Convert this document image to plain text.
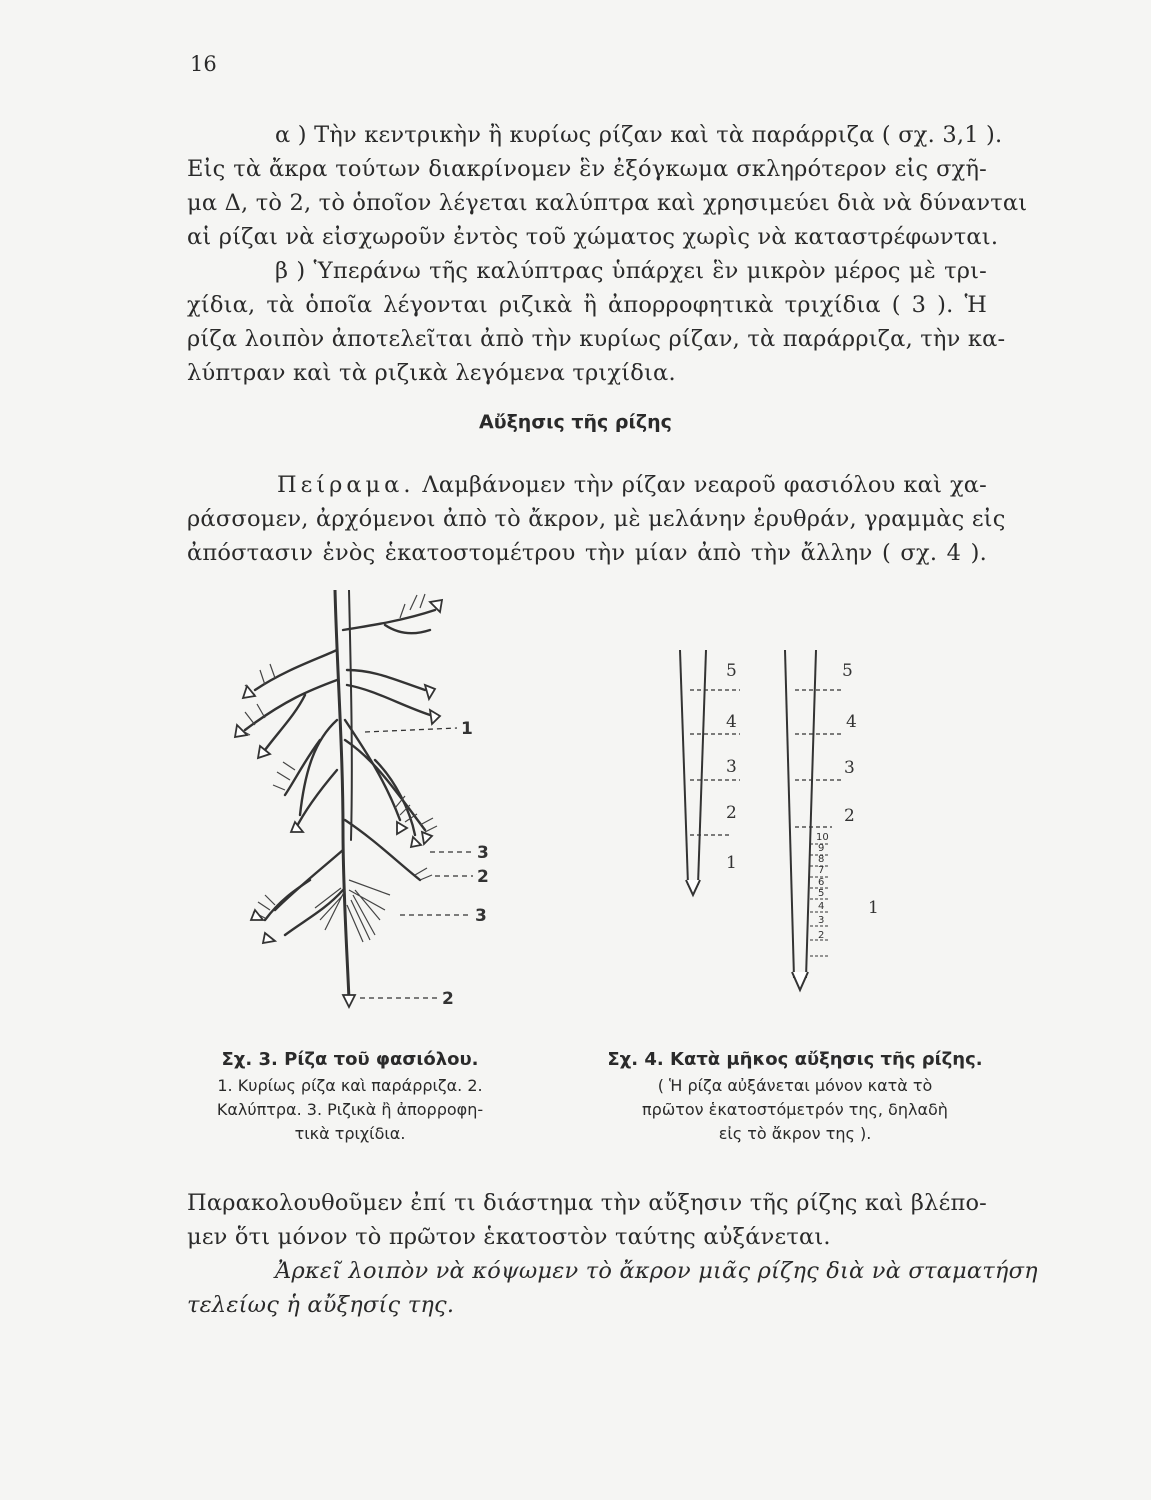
16
α ) Τὴν κεντρικὴν ἢ κυρίως ρίζαν καὶ τὰ παράρριζα ( σχ. 3,1 ).
Εἰς τὰ ἄκρα τούτων διακρίνομεν ἓν ἐξόγκωμα σκληρότερον εἰς σχῆ-
μα Δ, τὸ 2, τὸ ὁποῖον λέγεται καλύπτρα καὶ χρησιμεύει διὰ νὰ δύνανται
αἱ ρίζαι νὰ εἰσχωροῦν ἐντὸς τοῦ χώματος χωρὶς νὰ καταστρέφωνται.
β ) Ὑπεράνω τῆς καλύπτρας ὑπάρχει ἓν μικρὸν μέρος μὲ τρι-
χίδια, τὰ ὁποῖα λέγονται ριζικὰ ἢ ἀπορροφητικὰ τριχίδια ( 3 ). Ἡ
ρίζα λοιπὸν ἀποτελεῖται ἀπὸ τὴν κυρίως ρίζαν, τὰ παράρριζα, τὴν κα-
λύπτραν καὶ τὰ ριζικὰ λεγόμενα τριχίδια.
Αὔξησις τῆς ρίζης
Πείραμα. Λαμβάνομεν τὴν ρίζαν νεαροῦ φασιόλου καὶ χα-
ράσσομεν, ἀρχόμενοι ἀπὸ τὸ ἄκρον, μὲ μελάνην ἐρυθράν, γραμμὰς εἰς
ἀπόστασιν ἑνὸς ἑκατοστομέτρου τὴν μίαν ἀπὸ τὴν ἄλλην ( σχ. 4 ).
1
3
2
3
2
5
4
3
2
1
5
4
3
2
1
10
9
8
7
6
5
4
3
2
Σχ. 3. Ρίζα τοῦ φασιόλου.
1. Κυρίως ρίζα καὶ παράρριζα. 2.
Καλύπτρα. 3. Ριζικὰ ἢ ἀπορροφη-
τικὰ τριχίδια.
Σχ. 4. Κατὰ μῆκος αὔξησις τῆς ρίζης.
( Ἡ ρίζα αὐξάνεται μόνον κατὰ τὸ
πρῶτον ἑκατοστόμετρόν της, δηλαδὴ
εἰς τὸ ἄκρον της ).
Παρακολουθοῦμεν ἐπί τι διάστημα τὴν αὔξησιν τῆς ρίζης καὶ βλέπο-
μεν ὅτι μόνον τὸ πρῶτον ἑκατοστὸν ταύτης αὐξάνεται.
Ἀρκεῖ λοιπὸν νὰ κόψωμεν τὸ ἄκρον μιᾶς ρίζης διὰ νὰ σταματήση
τελείως ἡ αὔξησίς της.
